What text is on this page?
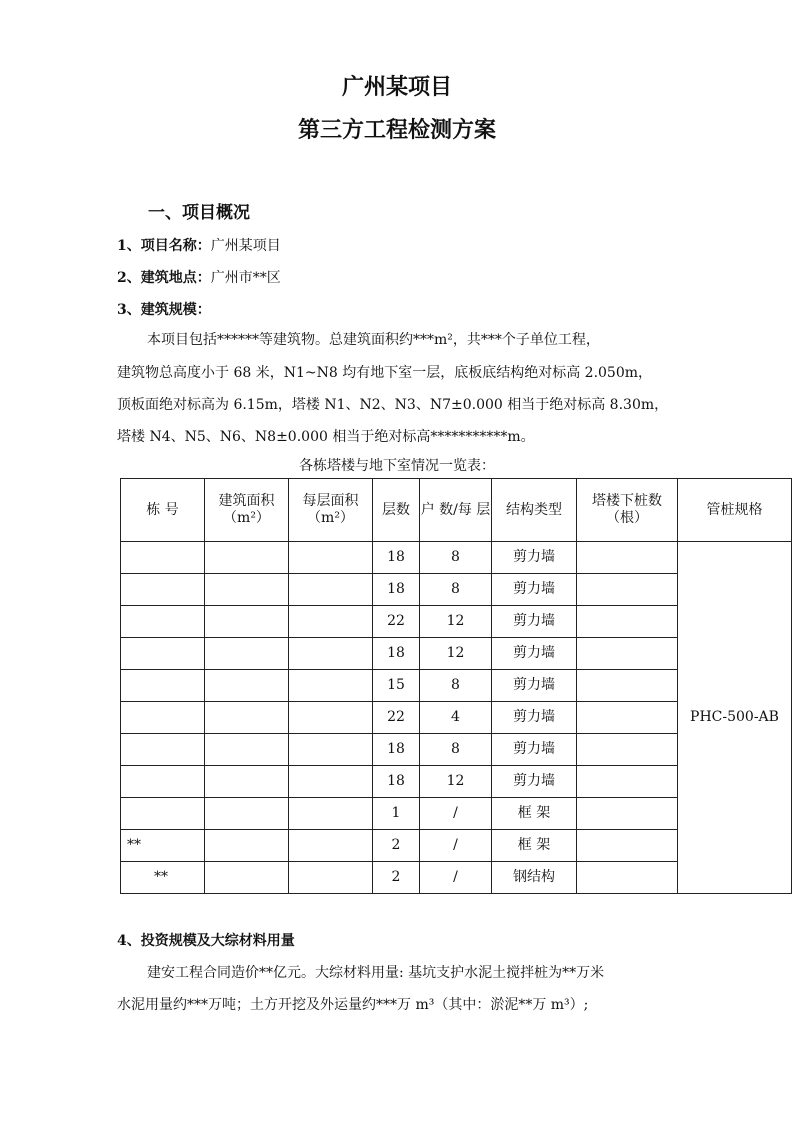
广州某项目
第三方工程检测方案
一、项目概况
1、项目名称：广州某项目
2、建筑地点：广州市**区
3、建筑规模：
本项目包括******等建筑物。总建筑面积约***m²，共***个子单位工程，
建筑物总高度小于 68 米，N1~N8 均有地下室一层，底板底结构绝对标高 2.050m，
顶板面绝对标高为 6.15m，塔楼 N1、N2、N3、N7±0.000 相当于绝对标高 8.30m，
塔楼 N4、N5、N6、N8±0.000 相当于绝对标高***********m。
各栋塔楼与地下室情况一览表：
栋 号	建筑面积（m²）	每层面积（m²）	层数	户 数/每 层	结构类型	塔楼下桩数（根）	管桩规格
			18	8	剪力墙		PHC-500-AB
			18	8	剪力墙		
			22	12	剪力墙		
			18	12	剪力墙		
			15	8	剪力墙		
			22	4	剪力墙		
			18	8	剪力墙		
			18	12	剪力墙		
			1	/	框 架		
**			2	/	框 架		
**			2	/	钢结构		
4、投资规模及大综材料用量
建安工程合同造价**亿元。大综材料用量: 基坑支护水泥土搅拌桩为**万米
水泥用量约***万吨；土方开挖及外运量约***万 m³（其中：淤泥**万 m³）;
